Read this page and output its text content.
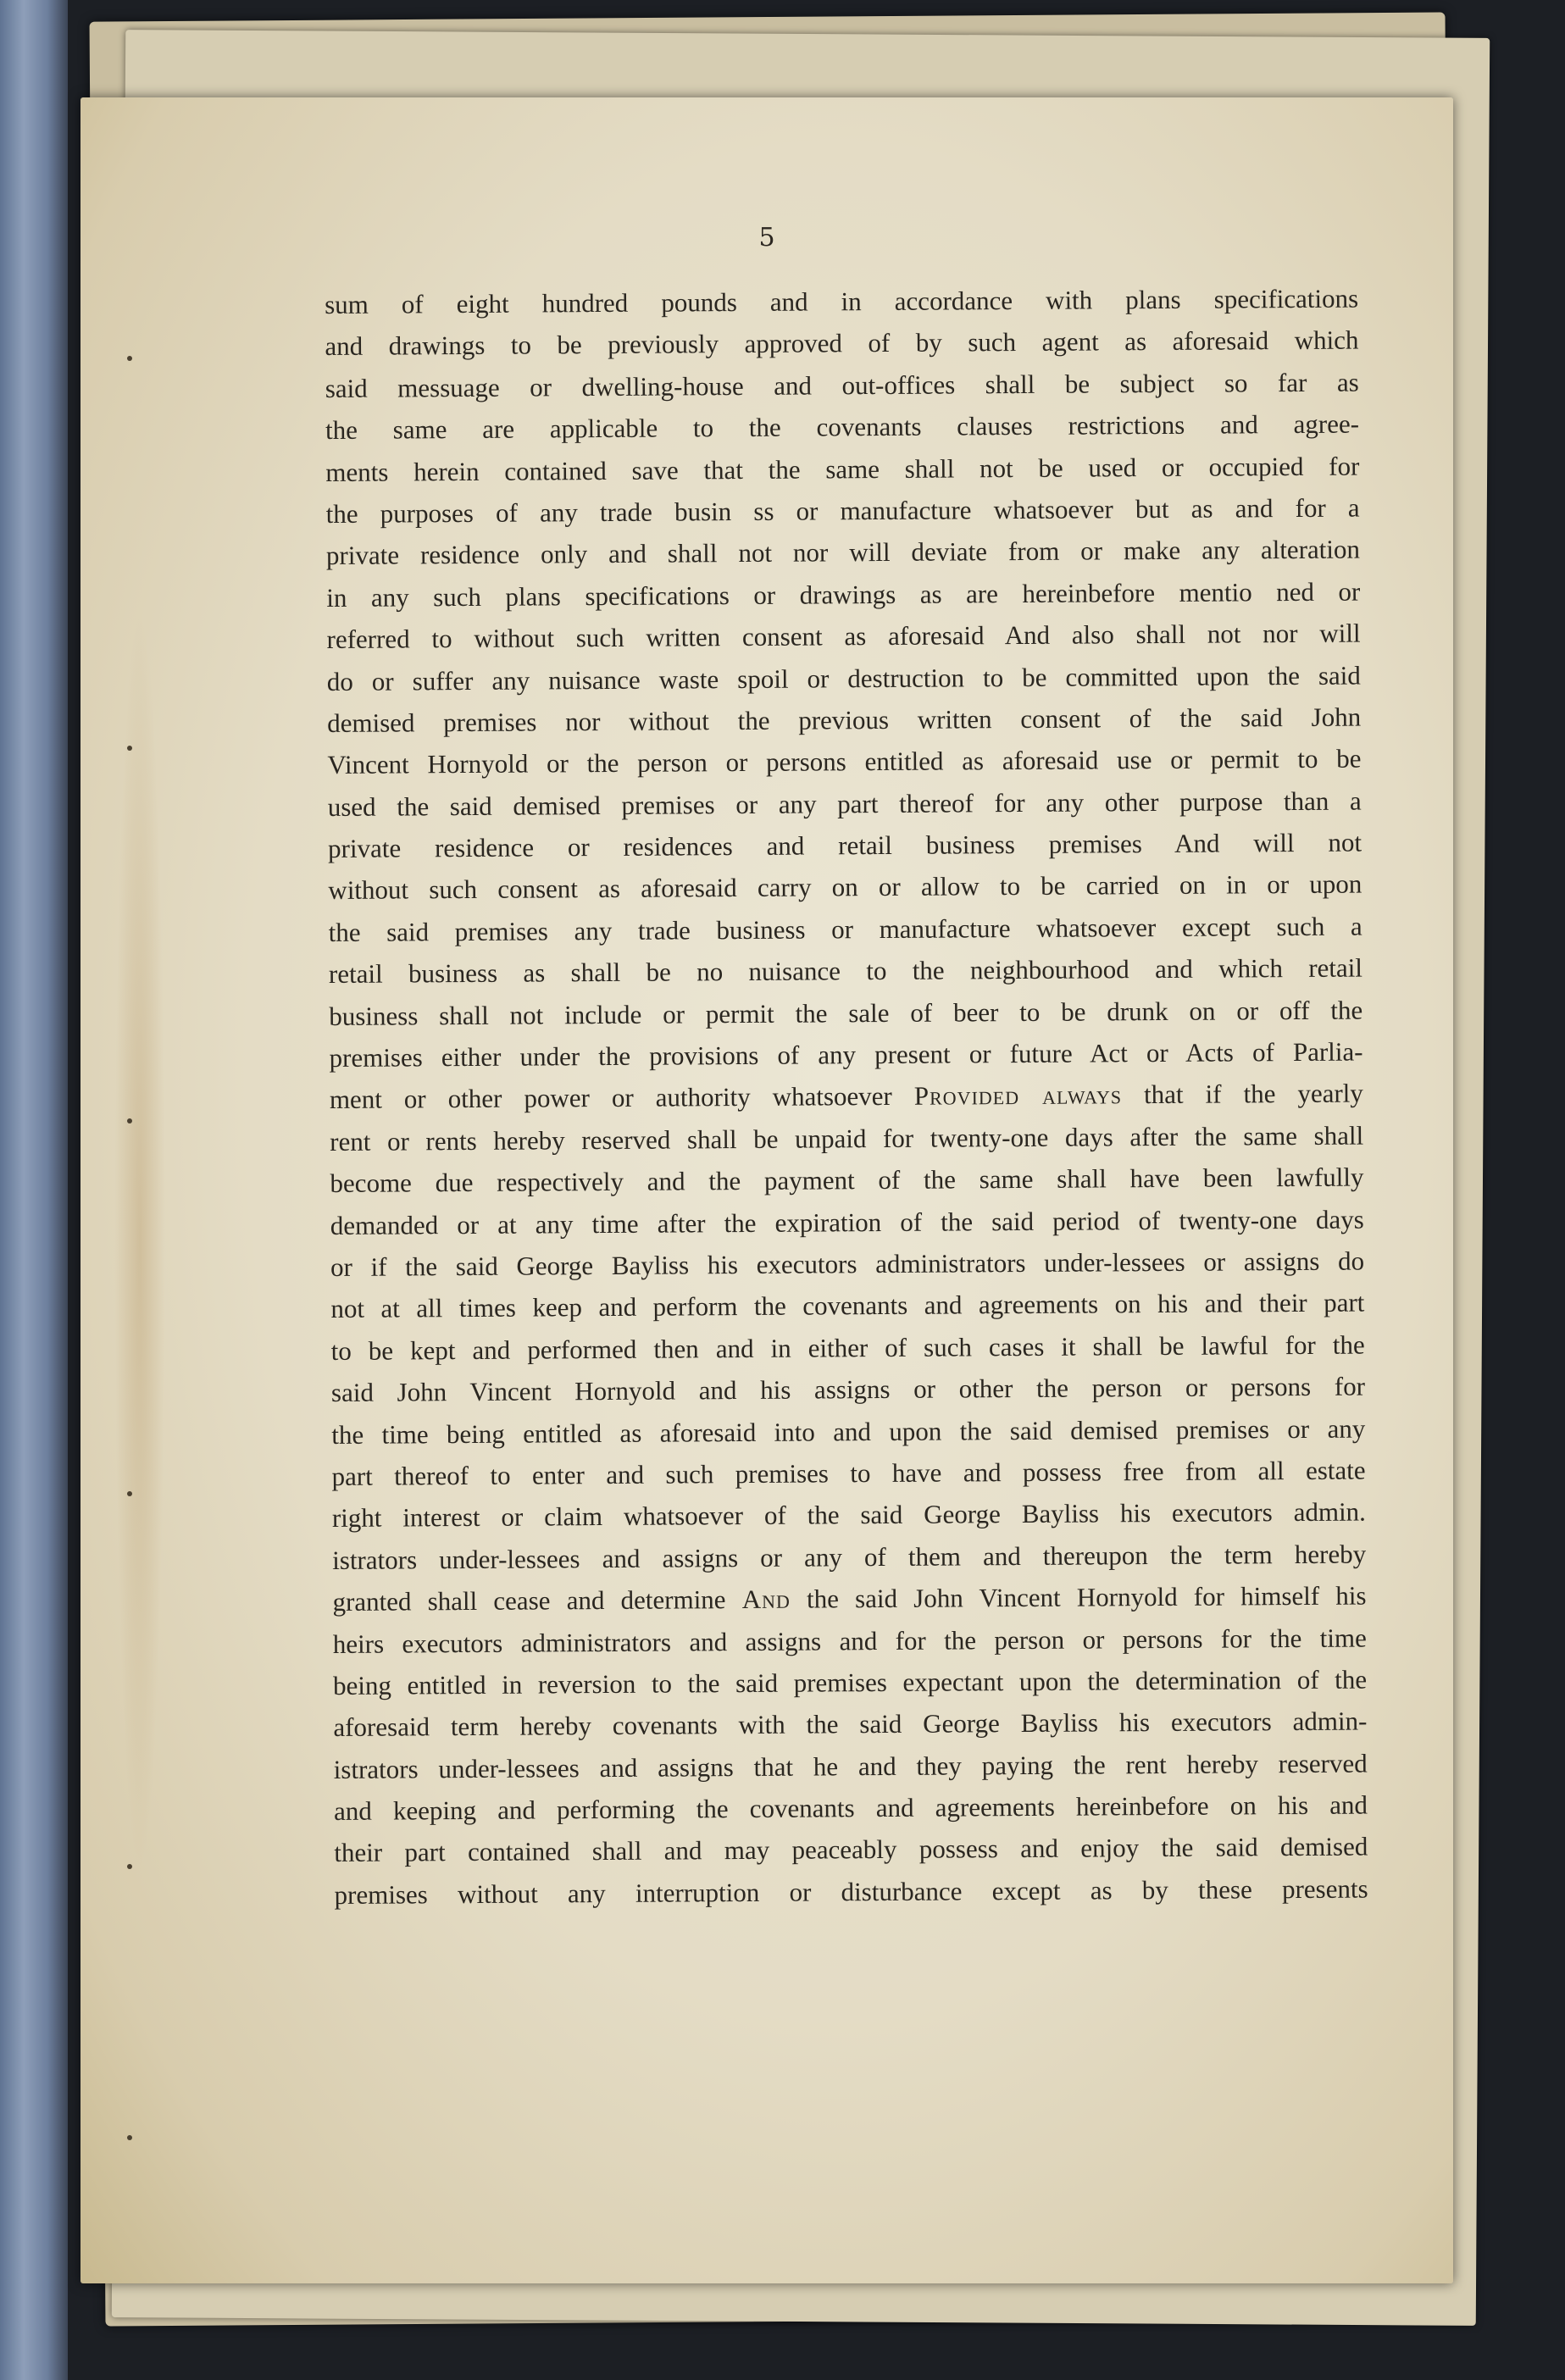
5
sum of eight hundred pounds and in accordance with plans specifications
and drawings to be previously approved of by such agent as aforesaid which
said messuage or dwelling-house and out-offices shall be subject so far as
the same are applicable to the covenants clauses restrictions and agree-
ments herein contained save that the same shall not be used or occupied for
the purposes of any trade busin ss or manufacture whatsoever but as and for a
private residence only and shall not nor will deviate from or make any alteration
in any such plans specifications or drawings as are hereinbefore mentio ned or
referred to without such written consent as aforesaid And also shall not nor will
do or suffer any nuisance waste spoil or destruction to be committed upon the said
demised premises nor without the previous written consent of the said John
Vincent Hornyold or the person or persons entitled as aforesaid use or permit to be
used the said demised premises or any part thereof for any other purpose than a
private residence or residences and retail business premises And will not
without such consent as aforesaid carry on or allow to be carried on in or upon
the said premises any trade business or manufacture whatsoever except such a
retail business as shall be no nuisance to the neighbourhood and which retail
business shall not include or permit the sale of beer to be drunk on or off the
premises either under the provisions of any present or future Act or Acts of Parlia-
ment or other power or authority whatsoever Provided always that if the yearly
rent or rents hereby reserved shall be unpaid for twenty-one days after the same shall
become due respectively and the payment of the same shall have been lawfully
demanded or at any time after the expiration of the said period of twenty-one days
or if the said George Bayliss his executors administrators under-lessees or assigns do
not at all times keep and perform the covenants and agreements on his and their part
to be kept and performed then and in either of such cases it shall be lawful for the
said John Vincent Hornyold and his assigns or other the person or persons for
the time being entitled as aforesaid into and upon the said demised premises or any
part thereof to enter and such premises to have and possess free from all estate
right interest or claim whatsoever of the said George Bayliss his executors admin.
istrators under-lessees and assigns or any of them and thereupon the term hereby
granted shall cease and determine And the said John Vincent Hornyold for himself his
heirs executors administrators and assigns and for the person or persons for the time
being entitled in reversion to the said premises expectant upon the determination of the
aforesaid term hereby covenants with the said George Bayliss his executors admin-
istrators under-lessees and assigns that he and they paying the rent hereby reserved
and keeping and performing the covenants and agreements hereinbefore on his and
their part contained shall and may peaceably possess and enjoy the said demised
premises without any interruption or disturbance except as by these presents
